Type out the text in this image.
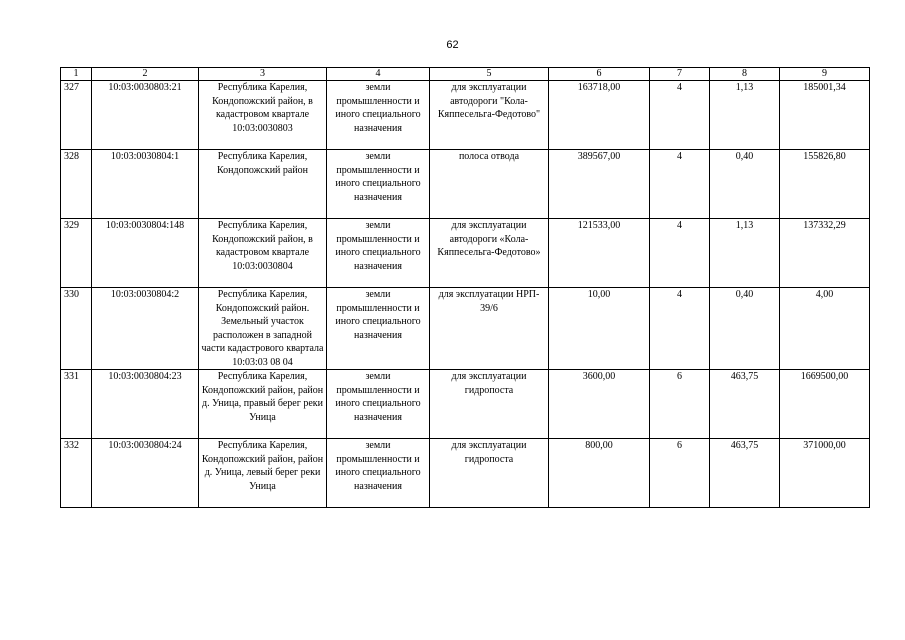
62
1	2	3	4	5	6	7	8	9
327	10:03:0030803:21	Республика Карелия, Кондопожский район, в кадастровом квартале 10:03:0030803	земли промышленности и иного специального назначения	для эксплуатации автодороги "Кола-Кяппесельга-Федотово"	163718,00	4	1,13	185001,34
328	10:03:0030804:1	Республика Карелия, Кондопожский район	земли промышленности и иного специального назначения	полоса отвода	389567,00	4	0,40	155826,80
329	10:03:0030804:148	Республика Карелия, Кондопожский район, в кадастровом квартале 10:03:0030804	земли промышленности и иного специального назначения	для эксплуатации автодороги «Кола-Кяппесельга-Федотово»	121533,00	4	1,13	137332,29
330	10:03:0030804:2	Республика Карелия, Кондопожский район. Земельный участок расположен в западной части кадастрового квартала 10:03:03 08 04	земли промышленности и иного специального назначения	для эксплуатации НРП- 39/6	10,00	4	0,40	4,00
331	10:03:0030804:23	Республика Карелия, Кондопожский район, район д. Уница, правый берег реки Уница	земли промышленности и иного специального назначения	для эксплуатации гидропоста	3600,00	6	463,75	1669500,00
332	10:03:0030804:24	Республика Карелия, Кондопожский район, район д. Уница, левый берег реки Уница	земли промышленности и иного специального назначения	для эксплуатации гидропоста	800,00	6	463,75	371000,00
